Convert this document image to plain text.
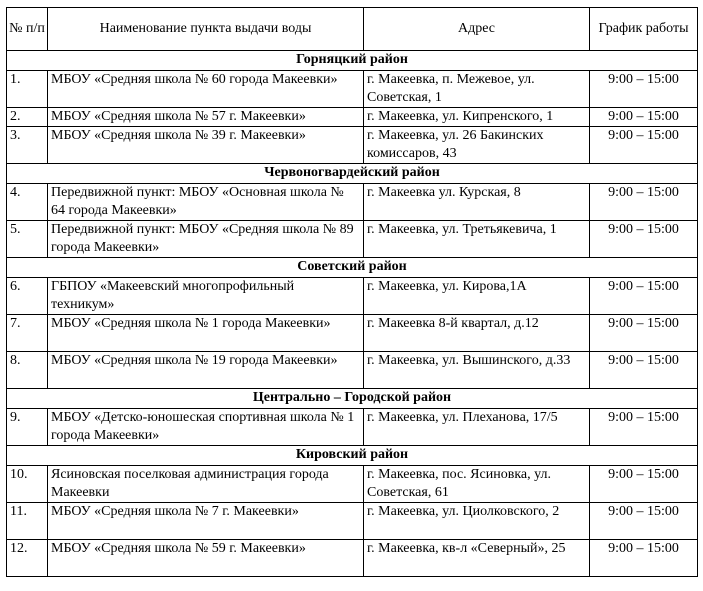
№ п/п	Наименование пункта выдачи воды	Адрес	График работы
Горняцкий район			
1.	МБОУ «Средняя школа № 60 города Макеевки»	г. Макеевка, п. Межевое, ул. Советская, 1	9:00 – 15:00
2.	МБОУ «Средняя школа № 57 г. Макеевки»	г. Макеевка, ул. Кипренского, 1	9:00 – 15:00
3.	МБОУ «Средняя школа № 39 г. Макеевки»	г. Макеевка, ул. 26 Бакинских комиссаров, 43	9:00 – 15:00
Червоногвардейский район			
4.	Передвижной пункт: МБОУ «Основная школа № 64 города Макеевки»	г. Макеевка ул. Курская, 8	9:00 – 15:00
5.	Передвижной пункт: МБОУ «Средняя школа № 89 города Макеевки»	г. Макеевка, ул. Третьякевича, 1	9:00 – 15:00
Советский район			
6.	ГБПОУ «Макеевский многопрофильный техникум»	г. Макеевка, ул. Кирова,1А	9:00 – 15:00
7.	МБОУ «Средняя школа № 1 города Макеевки»	г. Макеевка 8-й квартал, д.12	9:00 – 15:00
8.	МБОУ «Средняя школа № 19 города Макеевки»	г. Макеевка, ул. Вышинского, д.33	9:00 – 15:00
Центрально – Городской район			
9.	МБОУ «Детско-юношеская спортивная школа № 1 города Макеевки»	г. Макеевка, ул. Плеханова, 17/5	9:00 – 15:00
Кировский район			
10.	Ясиновская поселковая администрация города Макеевки	г. Макеевка, пос. Ясиновка, ул. Советская, 61	9:00 – 15:00
11.	МБОУ «Средняя школа № 7 г. Макеевки»	г. Макеевка, ул. Циолковского, 2	9:00 – 15:00
12.	МБОУ «Средняя школа № 59 г. Макеевки»	г. Макеевка, кв-л «Северный», 25	9:00 – 15:00
